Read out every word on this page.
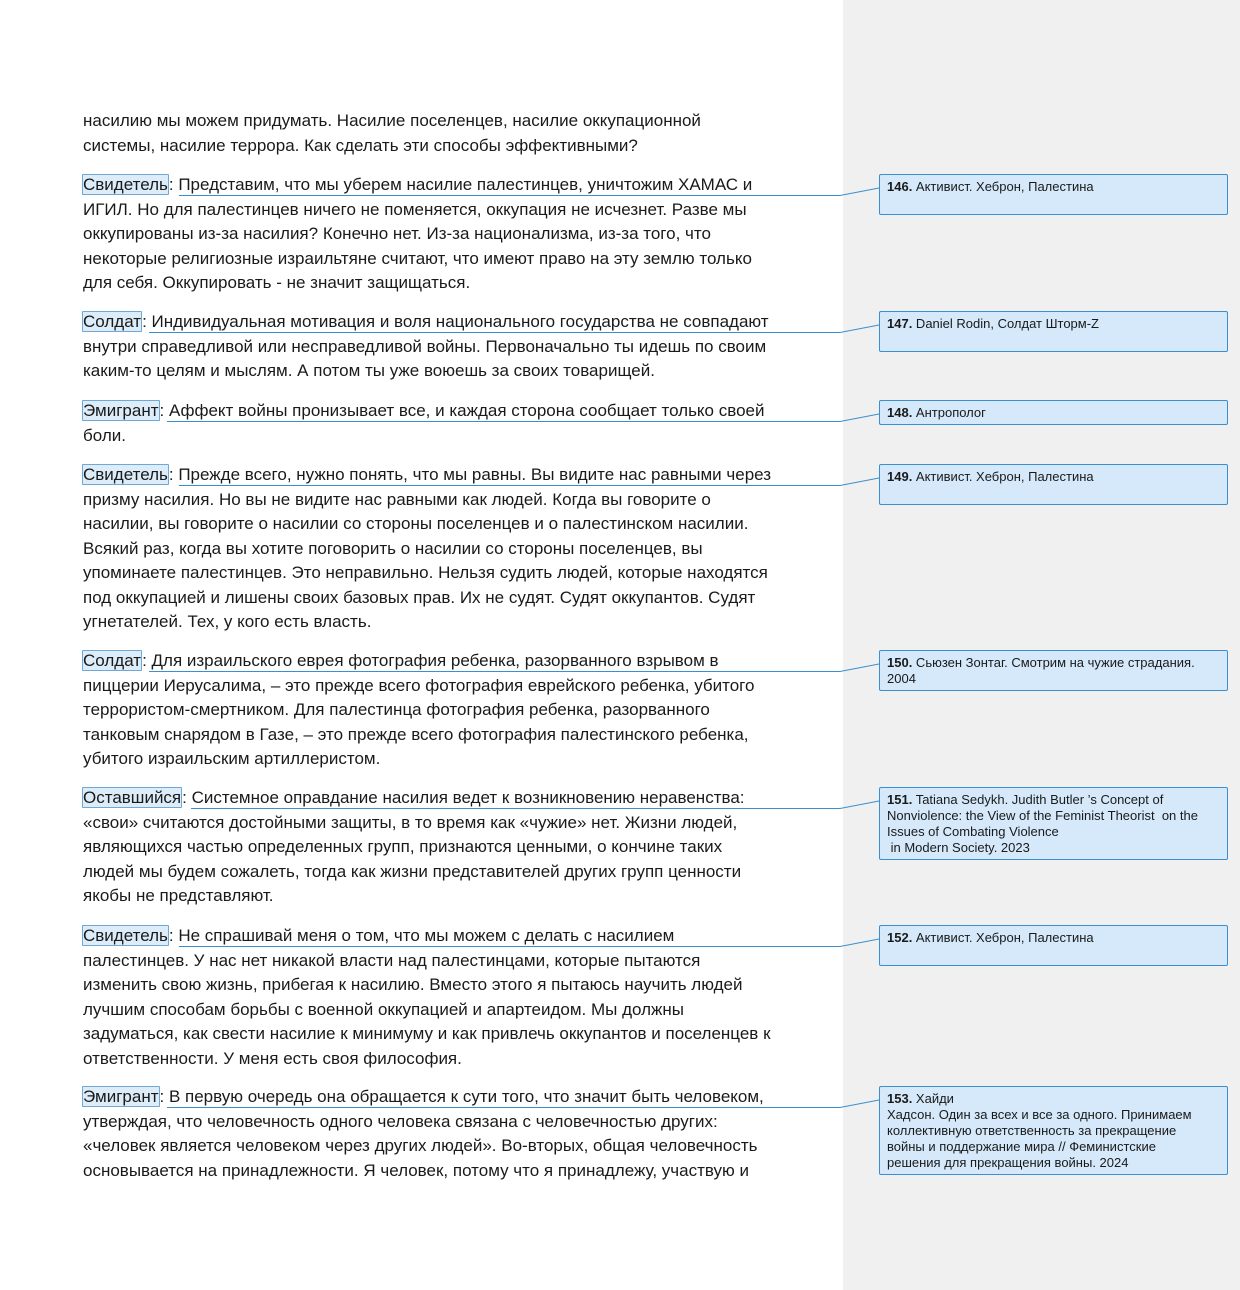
насилию мы можем придумать. Насилие поселенцев, насилие оккупационной
системы, насилие террора. Как сделать эти способы эффективными?

Свидетель: Представим, что мы уберем насилие палестинцев, уничтожим ХАМАС и
ИГИЛ. Но для палестинцев ничего не поменяется, оккупация не исчезнет. Разве мы
оккупированы из-за насилия? Конечно нет. Из-за национализма, из-за того, что
некоторые религиозные израильтяне считают, что имеют право на эту землю только
для себя. Оккупировать - не значит защищаться.

Солдат: Индивидуальная мотивация и воля национального государства не совпадают
внутри справедливой или несправедливой войны. Первоначально ты идешь по своим
каким-то целям и мыслям. А потом ты уже воюешь за своих товарищей.

Эмигрант: Аффект войны пронизывает все, и каждая сторона сообщает только своей
боли.

Свидетель: Прежде всего, нужно понять, что мы равны. Вы видите нас равными через
призму насилия. Но вы не видите нас равными как людей. Когда вы говорите о
насилии, вы говорите о насилии со стороны поселенцев и о палестинском насилии.
Всякий раз, когда вы хотите поговорить о насилии со стороны поселенцев, вы
упоминаете палестинцев. Это неправильно. Нельзя судить людей, которые находятся
под оккупацией и лишены своих базовых прав. Их не судят. Судят оккупантов. Судят
угнетателей. Тех, у кого есть власть.

Солдат: Для израильского еврея фотография ребенка, разорванного взрывом в
пиццерии Иерусалима, – это прежде всего фотография еврейского ребенка, убитого
террористом-смертником. Для палестинца фотография ребенка, разорванного
танковым снарядом в Газе, – это прежде всего фотография палестинского ребенка,
убитого израильским артиллеристом.

Оставшийся: Системное оправдание насилия ведет к возникновению неравенства:
«свои» считаются достойными защиты, в то время как «чужие» нет. Жизни людей,
являющихся частью определенных групп, признаются ценными, о кончине таких
людей мы будем сожалеть, тогда как жизни представителей других групп ценности
якобы не представляют.

Свидетель: Не спрашивай меня о том, что мы можем с делать с насилием
палестинцев. У нас нет никакой власти над палестинцами, которые пытаются
изменить свою жизнь, прибегая к насилию. Вместо этого я пытаюсь научить людей
лучшим способам борьбы с военной оккупацией и апартеидом. Мы должны
задуматься, как свести насилие к минимуму и как привлечь оккупантов и поселенцев к
ответственности. У меня есть своя философия.

Эмигрант: В первую очередь она обращается к сути того, что значит быть человеком,
утверждая, что человечность одного человека связана с человечностью других:
«человек является человеком через других людей». Во-вторых, общая человечность
основывается на принадлежности. Я человек, потому что я принадлежу, участвую и

146. Активист. Хеброн, Палестина
147. Daniel Rodin, Солдат Шторм-Z
148. Антрополог
149. Активист. Хеброн, Палестина
150. Сьюзен Зонтаг. Смотрим на чужие страдания.
2004
151. Tatiana Sedykh. Judith Butler ’s Concept of
Nonviolence: the View of the Feminist Theorist  on the
Issues of Combating Violence
in Modern Society. 2023
152. Активист. Хеброн, Палестина
153. Хайди
Хадсон. Один за всех и все за одного. Принимаем
коллективную ответственность за прекращение
войны и поддержание мира // Феминистские
решения для прекращения войны. 2024
